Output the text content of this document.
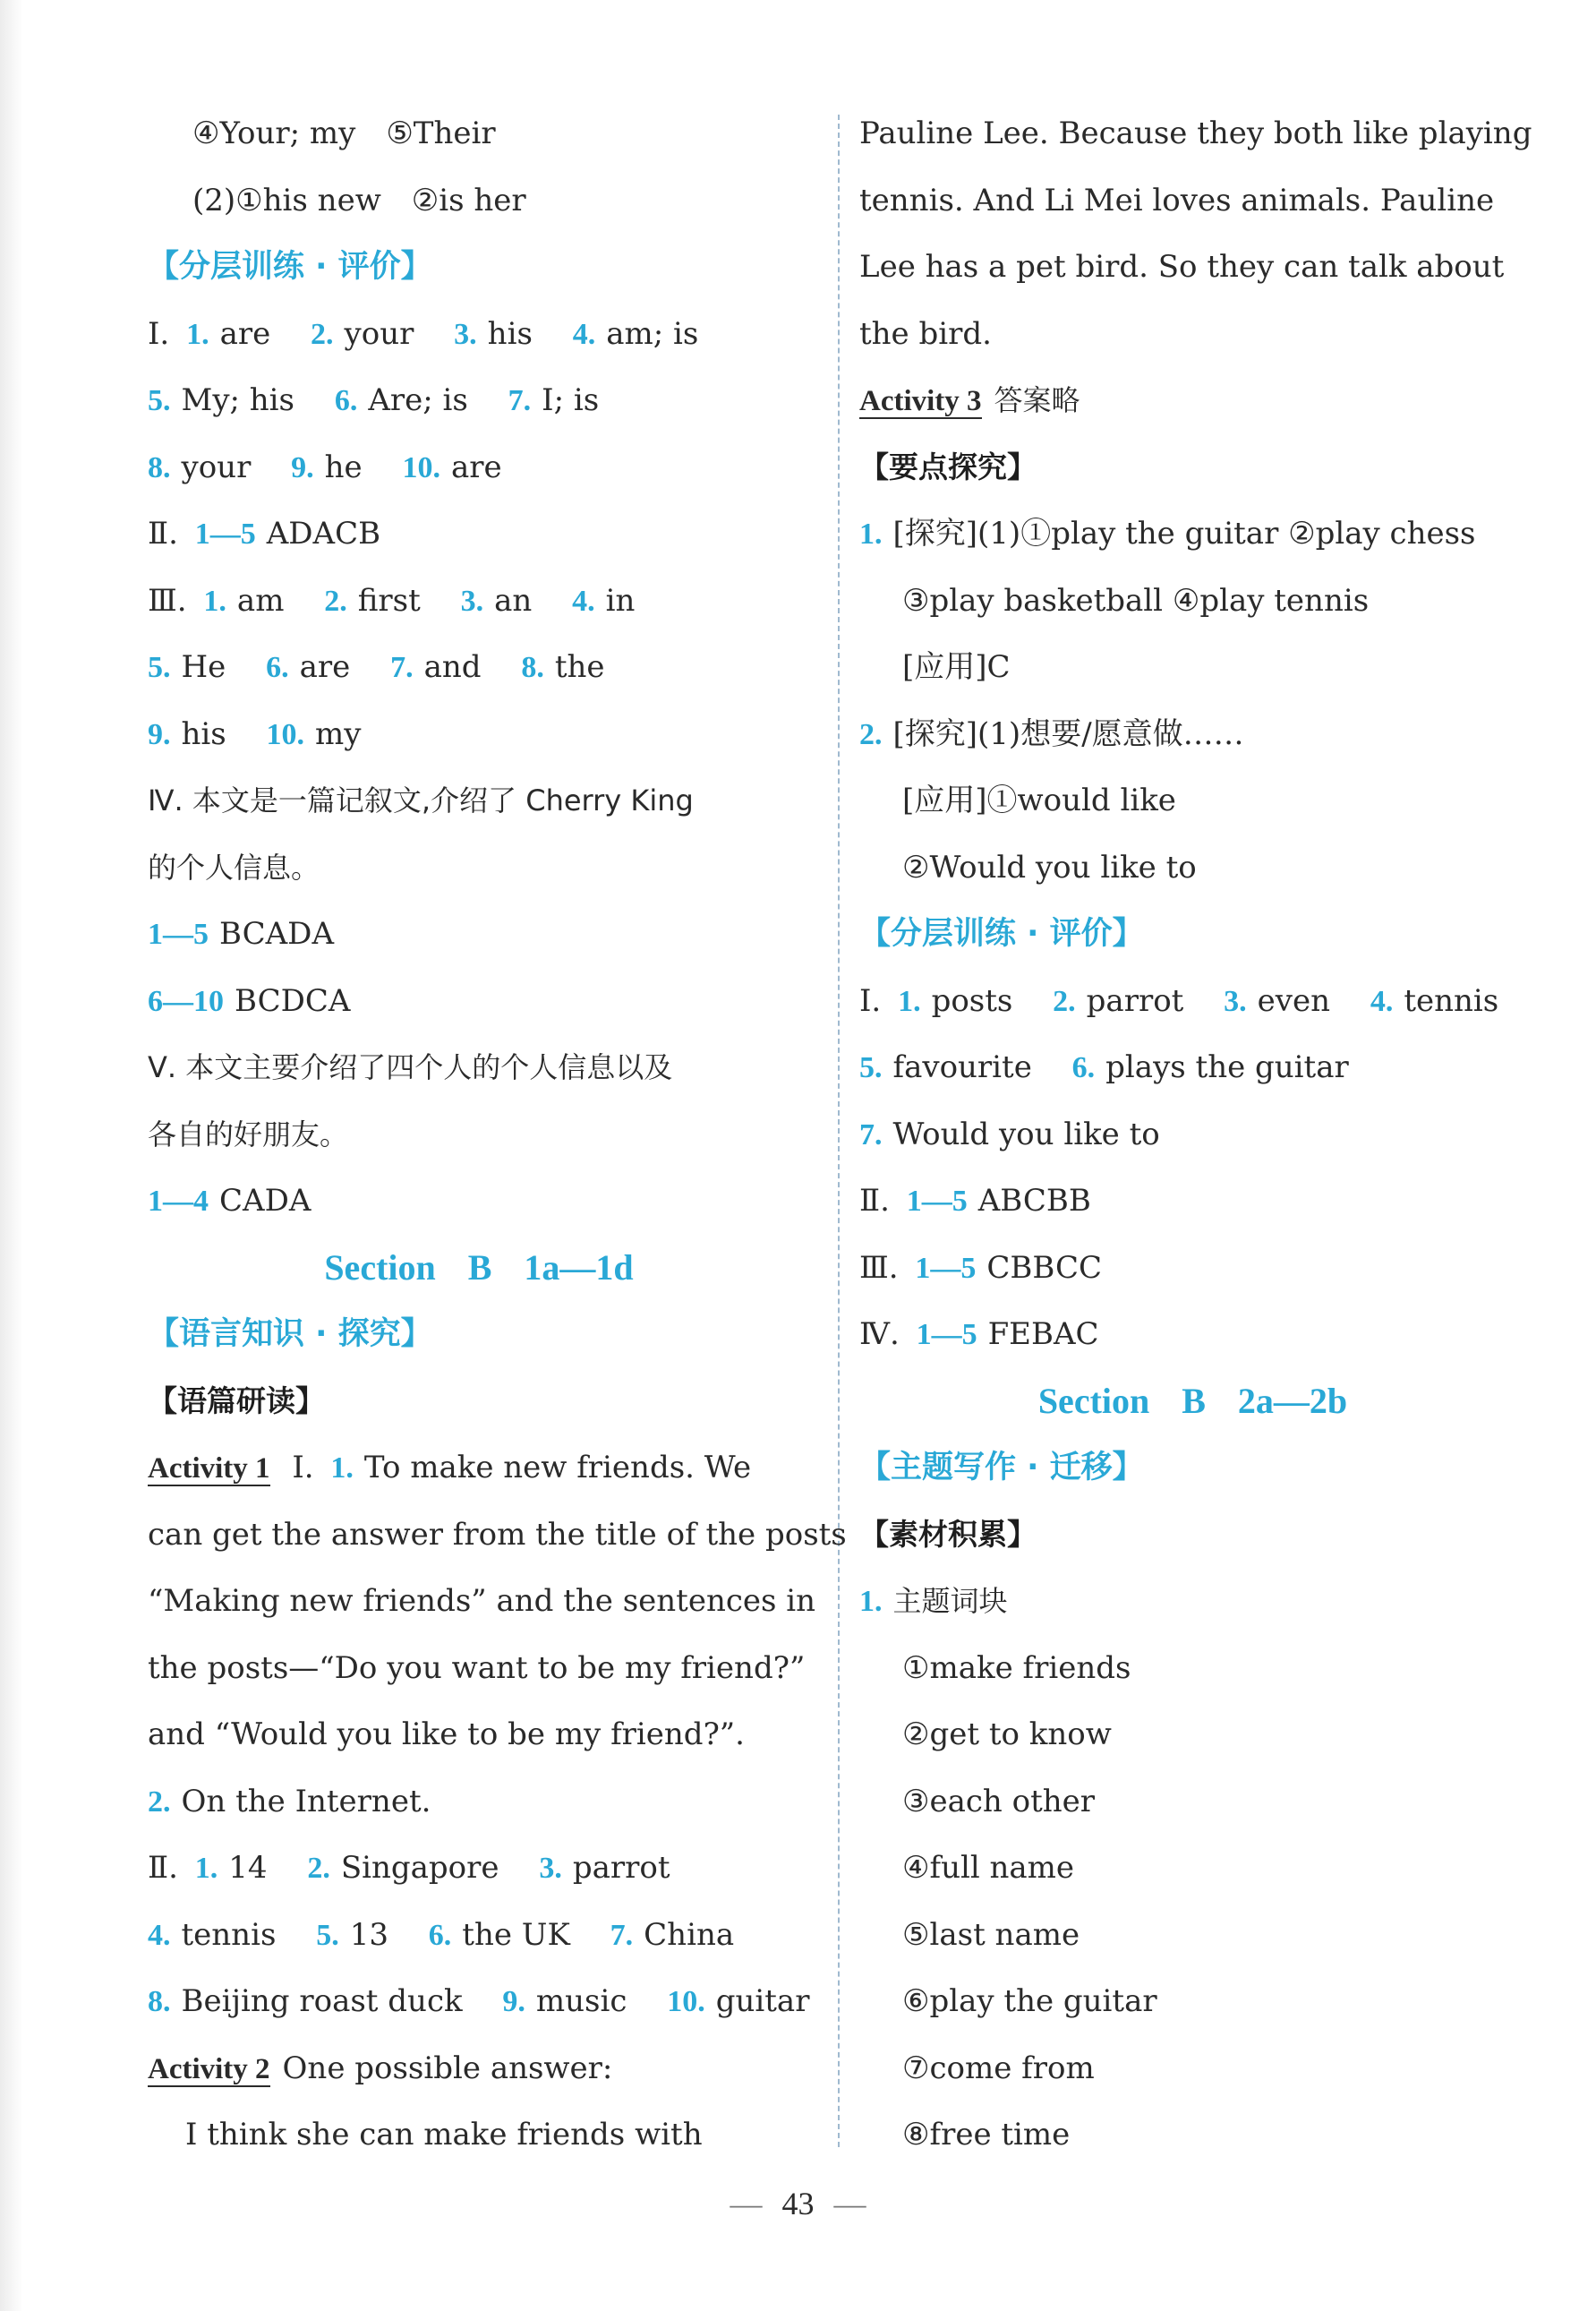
④Your; my ⑤Their
(2)①his new ②is her
【分层训练 · 评价】
Ⅰ. 1. are 2. your 3. his 4. am; is
5. My; his 6. Are; is 7. I; is
8. your 9. he 10. are
Ⅱ. 1—5 ADACB
Ⅲ. 1. am 2. first 3. an 4. in
5. He 6. are 7. and 8. the
9. his 10. my
Ⅳ. 本文是一篇记叙文,介绍了 Cherry King
的个人信息。
1—5 BCADA
6—10 BCDCA
Ⅴ. 本文主要介绍了四个人的个人信息以及
各自的好朋友。
1—4 CADA
Section B 1a—1d
【语言知识 · 探究】
【语篇研读】
Activity 1 Ⅰ. 1. To make new friends. We
can get the answer from the title of the posts
“Making new friends” and the sentences in
the posts—“Do you want to be my friend?”
and “Would you like to be my friend?”.
2. On the Internet.
Ⅱ. 1. 14 2. Singapore 3. parrot
4. tennis 5. 13 6. the UK 7. China
8. Beijing roast duck 9. music 10. guitar
Activity 2 One possible answer:
I think she can make friends with
Pauline Lee. Because they both like playing
tennis. And Li Mei loves animals. Pauline
Lee has a pet bird. So they can talk about
the bird.
Activity 3 答案略
【要点探究】
1. [探究](1)①play the guitar ②play chess
③play basketball ④play tennis
[应用]C
2. [探究](1)想要/愿意做……
[应用]①would like
②Would you like to
【分层训练 · 评价】
Ⅰ. 1. posts 2. parrot 3. even 4. tennis
5. favourite 6. plays the guitar
7. Would you like to
Ⅱ. 1—5 ABCBB
Ⅲ. 1—5 CBBCC
Ⅳ. 1—5 FEBAC
Section B 2a—2b
【主题写作 · 迁移】
【素材积累】
1. 主题词块
①make friends
②get to know
③each other
④full name
⑤last name
⑥play the guitar
⑦come from
⑧free time
— 43 —
